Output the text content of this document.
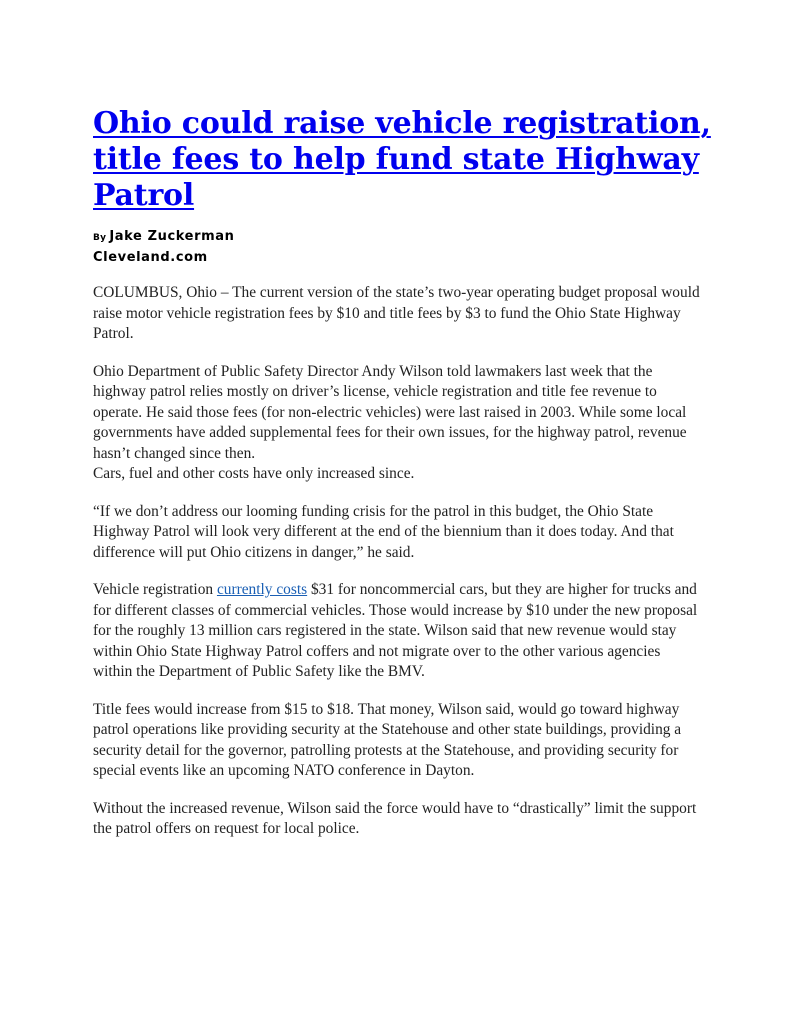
Ohio could raise vehicle registration, title fees to help fund state Highway Patrol
By Jake Zuckerman
Cleveland.com

COLUMBUS, Ohio – The current version of the state’s two-year operating budget proposal would raise motor vehicle registration fees by $10 and title fees by $3 to fund the Ohio State Highway Patrol.

Ohio Department of Public Safety Director Andy Wilson told lawmakers last week that the highway patrol relies mostly on driver’s license, vehicle registration and title fee revenue to operate. He said those fees (for non-electric vehicles) were last raised in 2003. While some local governments have added supplemental fees for their own issues, for the highway patrol, revenue hasn’t changed since then.
Cars, fuel and other costs have only increased since.

“If we don’t address our looming funding crisis for the patrol in this budget, the Ohio State Highway Patrol will look very different at the end of the biennium than it does today. And that difference will put Ohio citizens in danger,” he said.

Vehicle registration currently costs $31 for noncommercial cars, but they are higher for trucks and for different classes of commercial vehicles. Those would increase by $10 under the new proposal for the roughly 13 million cars registered in the state. Wilson said that new revenue would stay within Ohio State Highway Patrol coffers and not migrate over to the other various agencies within the Department of Public Safety like the BMV.

Title fees would increase from $15 to $18. That money, Wilson said, would go toward highway patrol operations like providing security at the Statehouse and other state buildings, providing a security detail for the governor, patrolling protests at the Statehouse, and providing security for special events like an upcoming NATO conference in Dayton.

Without the increased revenue, Wilson said the force would have to “drastically” limit the support the patrol offers on request for local police.
